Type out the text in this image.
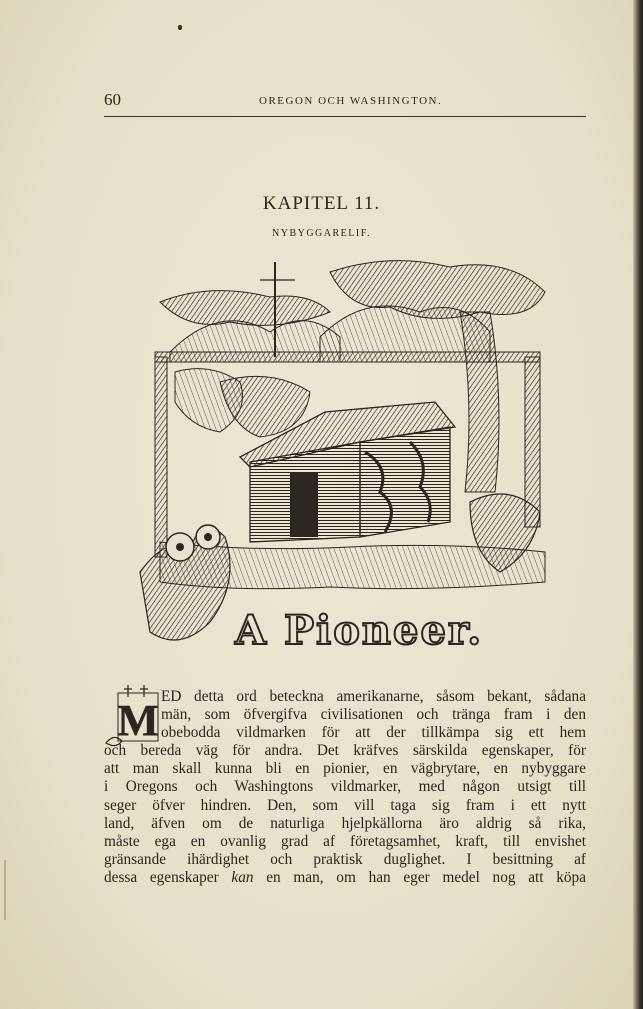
60	OREGON OCH WASHINGTON.
KAPITEL 11.
NYBYGGARELIF.
A Pioneer.
M ED detta ord beteckna amerikanarne, såsom bekant, sådana
män, som öfvergifva civilisationen och tränga fram i den
obebodda vildmarken för att der tillkämpa sig ett hem
och bereda väg för andra. Det kräfves särskilda egenskaper, för
att man skall kunna bli en pionier, en vägbrytare, en nybyggare
i Oregons och Washingtons vildmarker, med någon utsigt till
seger öfver hindren. Den, som vill taga sig fram i ett nytt
land, äfven om de naturliga hjelpkällorna äro aldrig så rika,
måste ega en ovanlig grad af företagsamhet, kraft, till envishet
gränsande ihärdighet och praktisk duglighet. I besittning af
dessa egenskaper kan en man, om han eger medel nog att köpa
